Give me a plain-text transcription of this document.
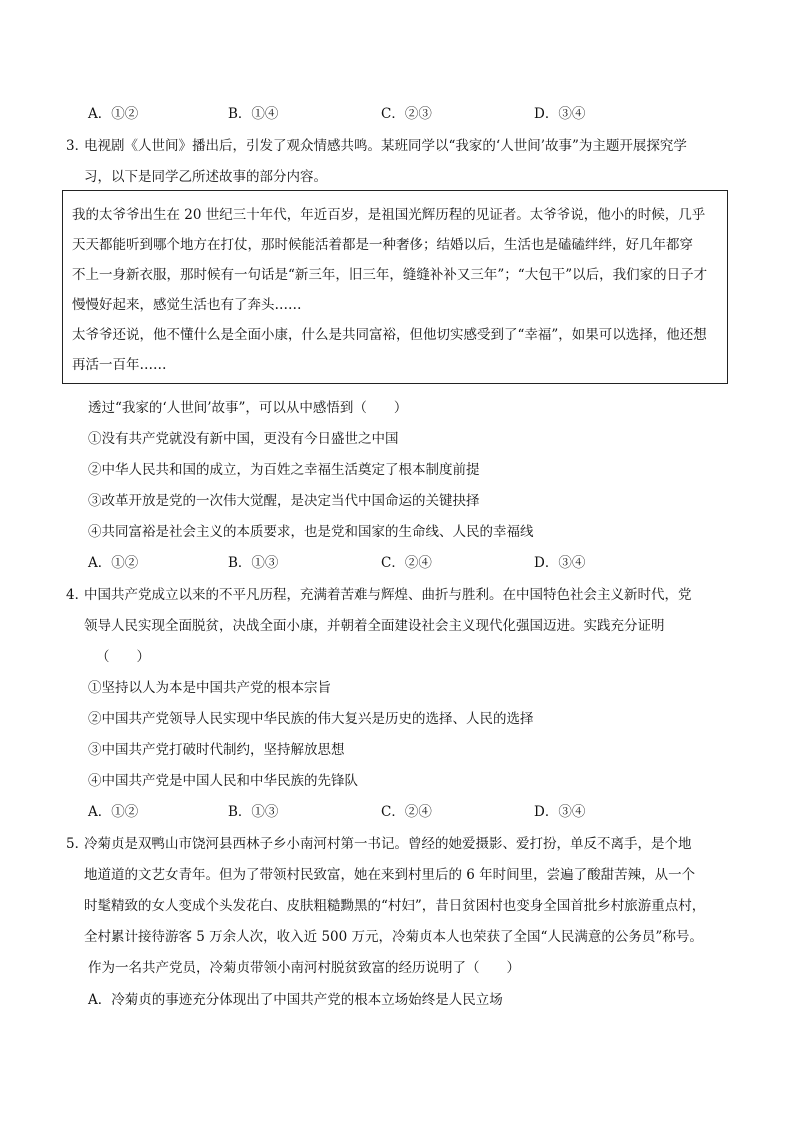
A．①②	B．①④	C．②③	D．③④
3．
电视剧《人世间》播出后，引发了观众情感共鸣。某班同学以“我家的‘人世间’故事”为主题开展探究学
习，以下是同学乙所述故事的部分内容。
我的太爷爷出生在 20 世纪三十年代，年近百岁，是祖国光辉历程的见证者。太爷爷说，他小的时候，几乎
天天都能听到哪个地方在打仗，那时候能活着都是一种奢侈；结婚以后，生活也是磕磕绊绊，好几年都穿
不上一身新衣服，那时候有一句话是“新三年，旧三年，缝缝补补又三年”；“大包干”以后，我们家的日子才
慢慢好起来，感觉生活也有了奔头……
太爷爷还说，他不懂什么是全面小康，什么是共同富裕，但他切实感受到了“幸福”，如果可以选择，他还想
再活一百年……
透过“我家的‘人世间’故事”，可以从中感悟到（　　）
①没有共产党就没有新中国，更没有今日盛世之中国
②中华人民共和国的成立，为百姓之幸福生活奠定了根本制度前提
③改革开放是党的一次伟大觉醒，是决定当代中国命运的关键抉择
④共同富裕是社会主义的本质要求，也是党和国家的生命线、人民的幸福线
A．①②	B．①③	C．②④	D．③④
4．
中国共产党成立以来的不平凡历程，充满着苦难与辉煌、曲折与胜利。在中国特色社会主义新时代，党
领导人民实现全面脱贫，决战全面小康，并朝着全面建设社会主义现代化强国迈进。实践充分证明
（　　）
①坚持以人为本是中国共产党的根本宗旨
②中国共产党领导人民实现中华民族的伟大复兴是历史的选择、人民的选择
③中国共产党打破时代制约，坚持解放思想
④中国共产党是中国人民和中华民族的先锋队
A．①②	B．①③	C．②④	D．③④
5．
冷菊贞是双鸭山市饶河县西林子乡小南河村第一书记。曾经的她爱摄影、爱打扮，单反不离手，是个地
地道道的文艺女青年。但为了带领村民致富，她在来到村里后的 6 年时间里，尝遍了酸甜苦辣，从一个
时髦精致的女人变成个头发花白、皮肤粗糙黝黑的“村妇”，昔日贫困村也变身全国首批乡村旅游重点村，
全村累计接待游客 5 万余人次，收入近 500 万元，冷菊贞本人也荣获了全国“人民满意的公务员”称号。
作为一名共产党员，冷菊贞带领小南河村脱贫致富的经历说明了（　　）
A．冷菊贞的事迹充分体现出了中国共产党的根本立场始终是人民立场
